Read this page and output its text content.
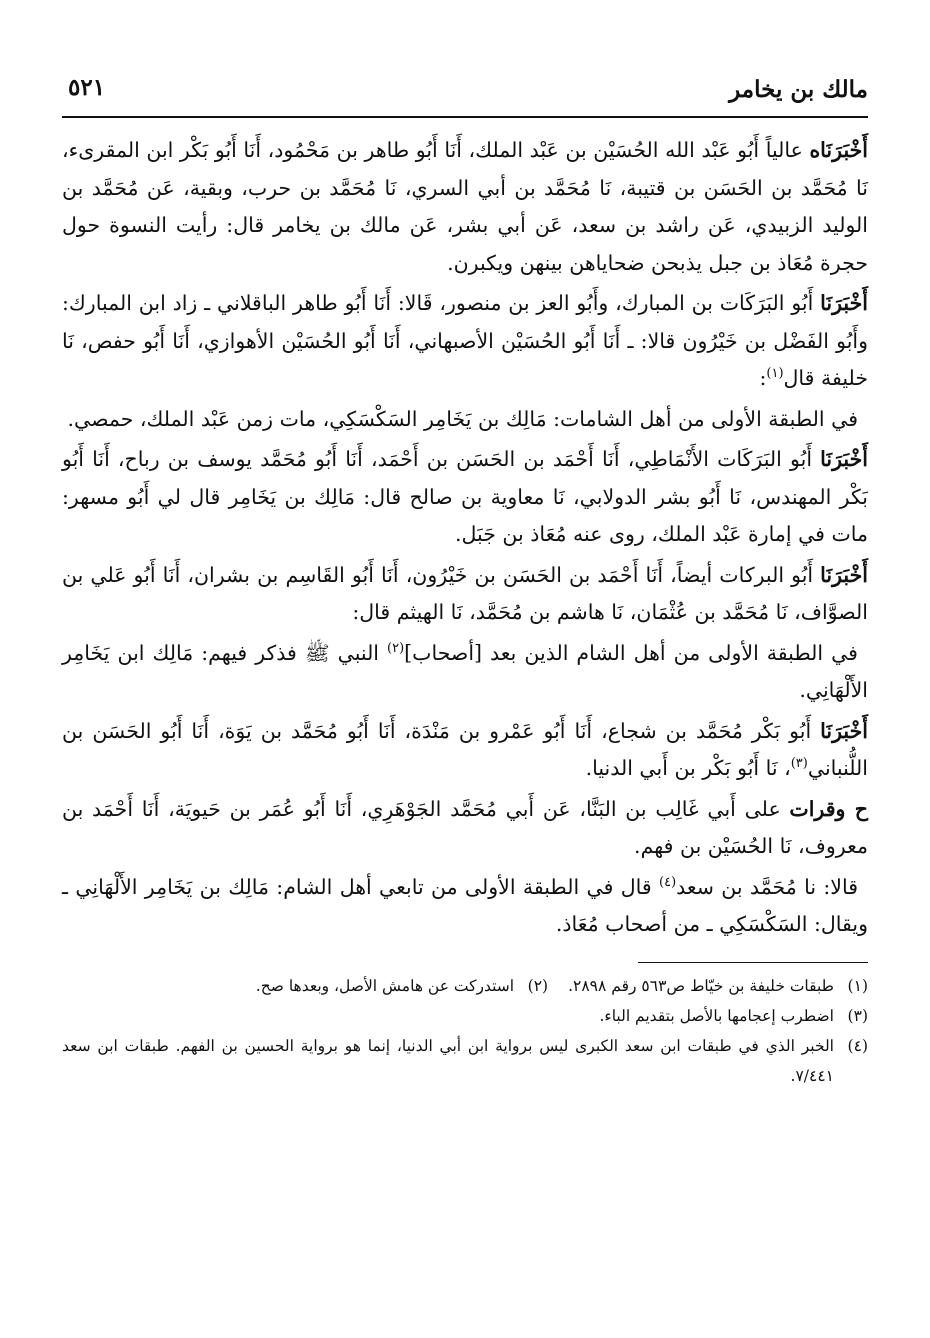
مالك بن يخامر
٥٢١

أَخْبَرَنَاه عالياً أَبُو عَبْد الله الحُسَيْن بن عَبْد الملك، أَنَا أَبُو طاهر بن مَحْمُود، أَنَا أَبُو بَكْر ابن المقرىء، نَا مُحَمَّد بن الحَسَن بن قتيبة، نَا مُحَمَّد بن أبي السري، نَا مُحَمَّد بن حرب، وبقية، عَن مُحَمَّد بن الوليد الزبيدي، عَن راشد بن سعد، عَن أبي بشر، عَن مالك بن يخامر قال: رأيت النسوة حول حجرة مُعَاذ بن جبل يذبحن ضحاياهن بينهن ويكبرن.

أَخْبَرَنَا أَبُو البَرَكَات بن المبارك، وأَبُو العز بن منصور، قَالا: أَنَا أَبُو طاهر الباقلاني ـ زاد ابن المبارك: وأَبُو الفَضْل بن خَيْرُون قالا: ـ أَنَا أَبُو الحُسَيْن الأصبهاني، أَنَا أَبُو الحُسَيْن الأهوازي، أَنَا أَبُو حفص، نَا خليفة قال$^{(١)}$:

في الطبقة الأولى من أهل الشامات: مَالِك بن يَخَامِر السَكْسَكِي، مات زمن عَبْد الملك، حمصي.

أَخْبَرَنَا أَبُو البَرَكَات الأَنْمَاطِي، أَنَا أَحْمَد بن الحَسَن بن أَحْمَد، أَنَا أَبُو مُحَمَّد يوسف بن رباح، أَنَا أَبُو بَكْر المهندس، نَا أَبُو بشر الدولابي، نَا معاوية بن صالح قال: مَالِك بن يَخَامِر قال لي أَبُو مسهر: مات في إمارة عَبْد الملك، روى عنه مُعَاذ بن جَبَل.

أَخْبَرَنَا أَبُو البركات أيضاً، أَنَا أَحْمَد بن الحَسَن بن خَيْرُون، أَنَا أَبُو القَاسِم بن بشران، أَنَا أَبُو عَلي بن الصوَّاف، نَا مُحَمَّد بن عُثْمَان، نَا هاشم بن مُحَمَّد، نَا الهيثم قال:

في الطبقة الأولى من أهل الشام الذين بعد [أصحاب]$^{(٢)}$ النبي ﷺ فذكر فيهم: مَالِك ابن يَخَامِر الأَلْهَانِي.

أَخْبَرَنَا أَبُو بَكْر مُحَمَّد بن شجاع، أَنَا أَبُو عَمْرو بن مَنْدَة، أَنَا أَبُو مُحَمَّد بن يَوَة، أَنَا أَبُو الحَسَن بن اللُّنباني$^{(٣)}$، نَا أَبُو بَكْر بن أَبي الدنيا.

ح وقرات على أَبي غَالِب بن البَنَّا، عَن أَبي مُحَمَّد الجَوْهَرِي، أَنَا أَبُو عُمَر بن حَيويَة، أَنَا أَحْمَد بن معروف، نَا الحُسَيْن بن فهم.

قالا: نا مُحَمَّد بن سعد$^{(٤)}$ قال في الطبقة الأولى من تابعي أهل الشام: مَالِك بن يَخَامِر الأَلْهَانِي ـ ويقال: السَكْسَكِي ـ من أصحاب مُعَاذ.

(١)
طبقات خليفة بن خيّاط ص٥٦٣ رقم ٢٨٩٨.
(٢)
استدركت عن هامش الأصل، وبعدها صح.
(٣)
اضطرب إعجامها بالأصل بتقديم الباء.
(٤)
الخبر الذي في طبقات ابن سعد الكبرى ليس برواية ابن أبي الدنيا، إنما هو برواية الحسين بن الفهم. طبقات ابن سعد ٧/٤٤١.
